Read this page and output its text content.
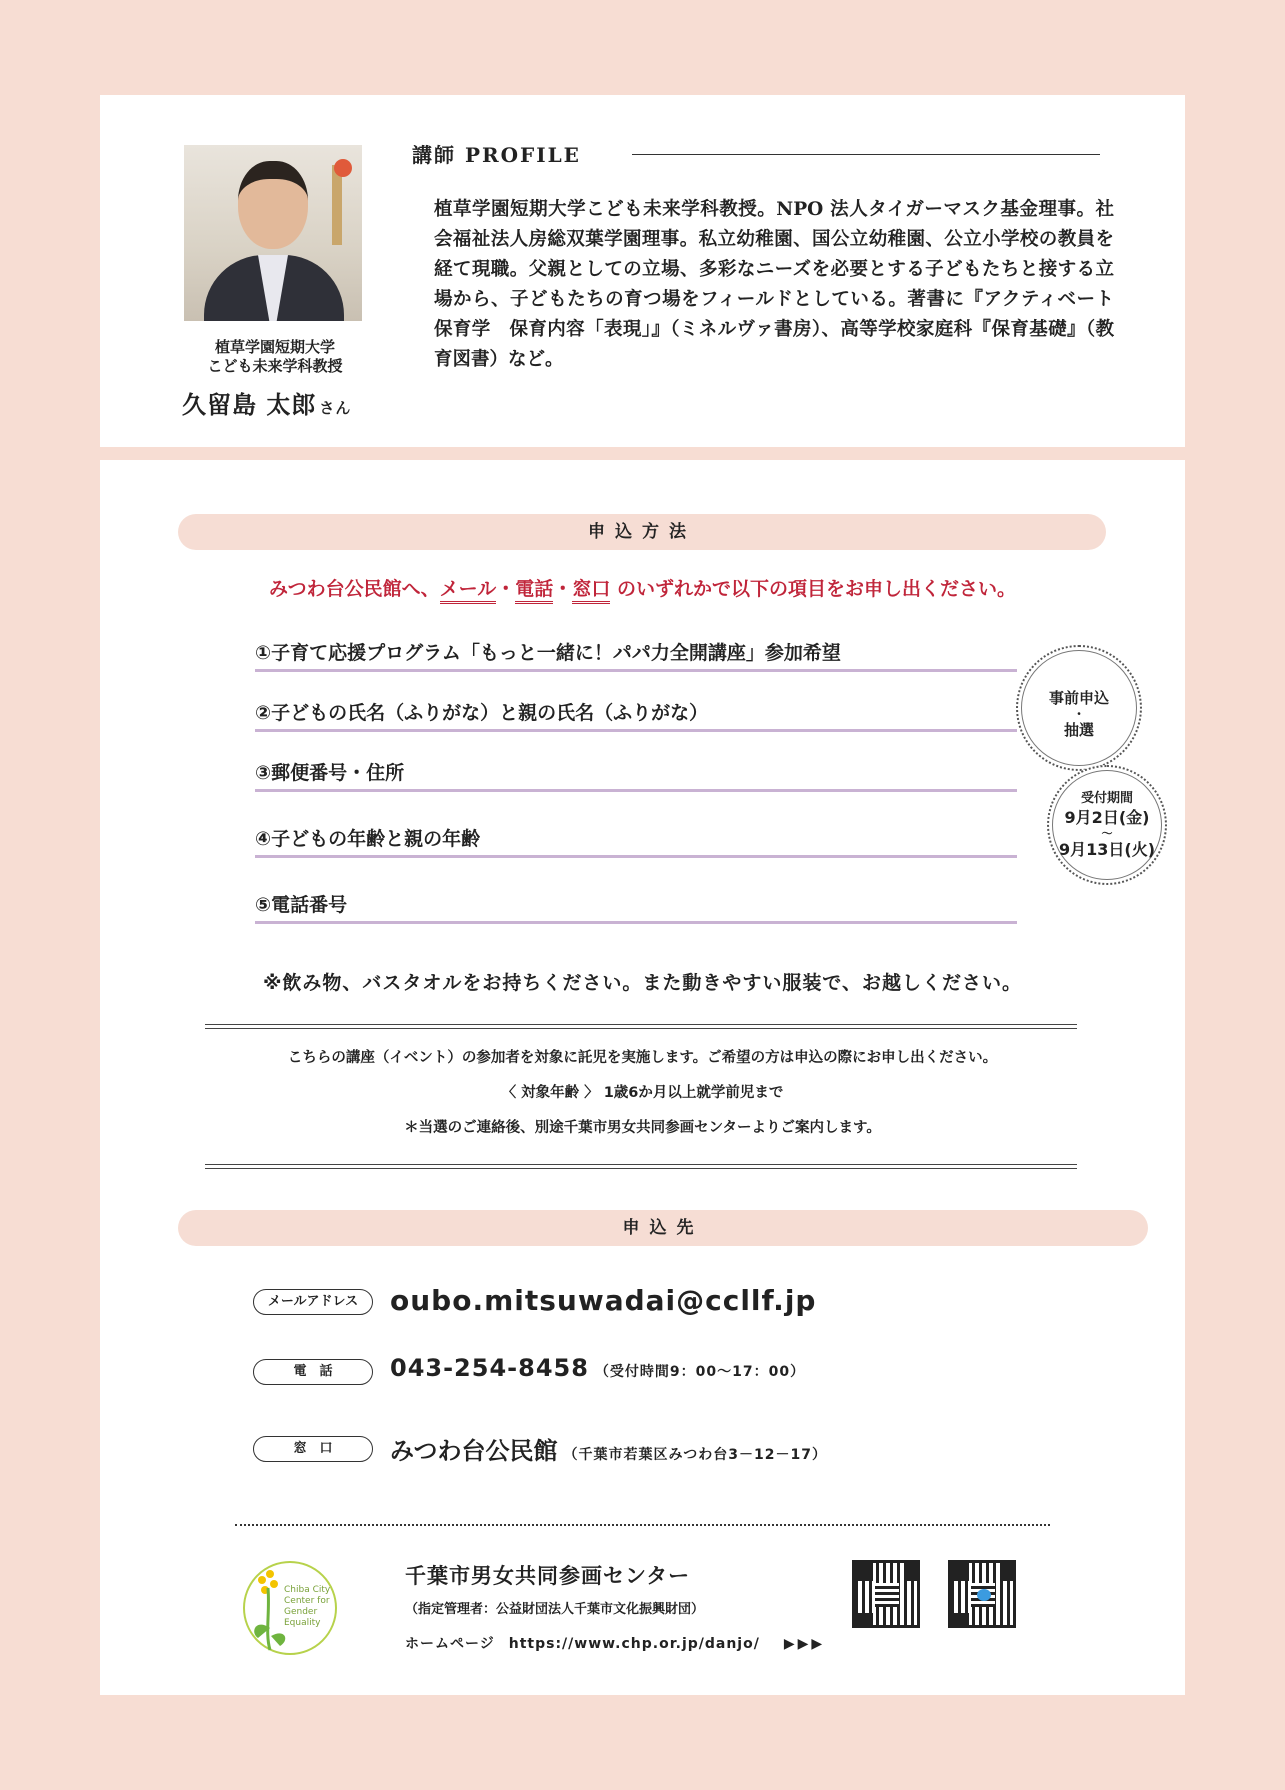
植草学園短期大学
こども未来学科教授
久留島 太郎 さん
講師 PROFILE
植草学園短期大学こども未来学科教授。NPO 法人タイガーマスク基金理事。社会福祉法人房総双葉学園理事。私立幼稚園、国公立幼稚園、公立小学校の教員を経て現職。父親としての立場、多彩なニーズを必要とする子どもたちと接する立場から、子どもたちの育つ場をフィールドとしている。著書に『アクティベート保育学　保育内容「表現」』（ミネルヴァ書房）、高等学校家庭科『保育基礎』（教育図書）など。
申込方法
みつわ台公民館へ、メール・電話・窓口 のいずれかで以下の項目をお申し出ください。
①子育て応援プログラム「もっと一緒に！パパ力全開講座」参加希望
②子どもの氏名（ふりがな）と親の氏名（ふりがな）
③郵便番号・住所
④子どもの年齢と親の年齢
⑤電話番号
事前申込
・
抽選
受付期間
9月2日(金)
〜
9月13日(火)
※飲み物、バスタオルをお持ちください。また動きやすい服装で、お越しください。
こちらの講座（イベント）の参加者を対象に託児を実施します。ご希望の方は申込の際にお申し出ください。
〈 対象年齢 〉 1歳6か月以上就学前児まで
＊当選のご連絡後、別途千葉市男女共同参画センターよりご案内します。
申込先
メールアドレス	oubo.mitsuwadai@ccllf.jp
電　話	043-254-8458 （受付時間9：00〜17：00）
窓　口	みつわ台公民館 （千葉市若葉区みつわ台3－12－17）
Chiba City
Center for
Gender
Equality
千葉市男女共同参画センター
（指定管理者：公益財団法人千葉市文化振興財団）
ホームページ https://www.chp.or.jp/danjo/ ▶▶▶
